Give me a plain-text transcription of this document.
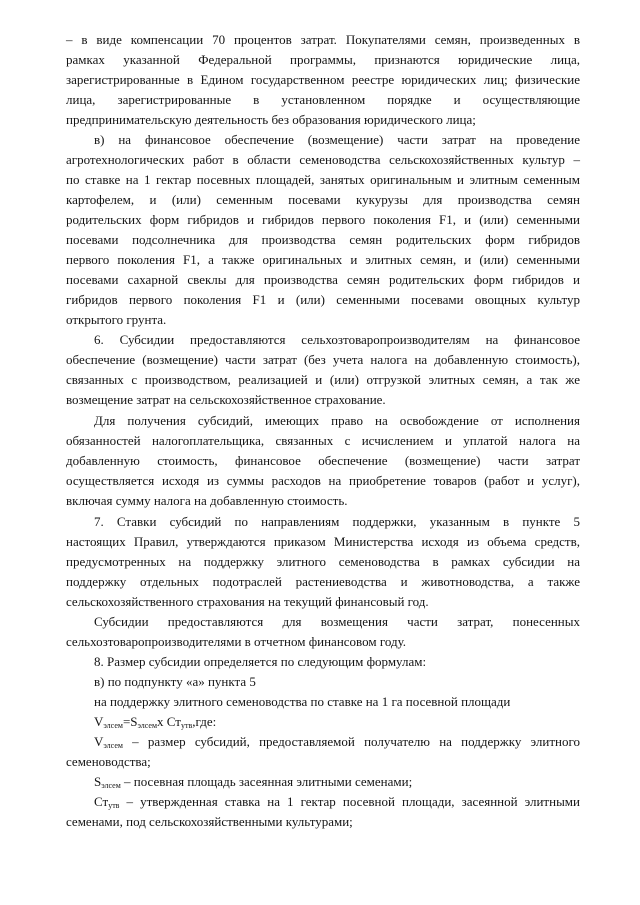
– в виде компенсации 70 процентов затрат. Покупателями семян, произведенных в

рамках указанной Федеральной программы, признаются юридические лица,

зарегистрированные в Едином государственном реестре юридических лиц; физические

лица, зарегистрированные в установленном порядке и осуществляющие

предпринимательскую деятельность без образования юридического лица;

в) на финансовое обеспечение (возмещение) части затрат на проведение

агротехнологических работ в области семеноводства сельскохозяйственных культур –

по ставке на 1 гектар посевных площадей, занятых оригинальным и элитным семенным

картофелем, и (или) семенным посевами кукурузы для производства семян

родительских форм гибридов и гибридов первого поколения F1, и (или) семенными

посевами подсолнечника для производства семян родительских форм гибридов

первого поколения F1, а также оригинальных и элитных семян, и (или) семенными

посевами сахарной свеклы для производства семян родительских форм гибридов и

гибридов первого поколения F1 и (или) семенными посевами овощных культур

открытого грунта.

6. Субсидии предоставляются сельхозтоваропроизводителям на финансовое

обеспечение (возмещение) части затрат (без учета налога на добавленную стоимость),

связанных с производством, реализацией и (или) отгрузкой элитных семян, а так же

возмещение затрат на сельскохозяйственное страхование.

Для получения субсидий, имеющих право на освобождение от исполнения

обязанностей налогоплательщика, связанных с исчислением и уплатой налога на

добавленную стоимость, финансовое обеспечение (возмещение) части затрат

осуществляется исходя из суммы расходов на приобретение товаров (работ и услуг),

включая сумму налога на добавленную стоимость.

7. Ставки субсидий по направлениям поддержки, указанным в пункте 5

настоящих Правил, утверждаются приказом Министерства исходя из объема средств,

предусмотренных на поддержку элитного семеноводства в рамках субсидии на

поддержку отдельных подотраслей растениеводства и животноводства, а также

сельскохозяйственного страхования на текущий финансовый год.

Субсидии предоставляются для возмещения части затрат, понесенных

сельхозтоваропроизводителями в отчетном финансовом году.

8. Размер субсидии определяется по следующим формулам:

в) по подпункту «а» пункта 5

на поддержку элитного семеноводства по ставке на 1 га посевной площади

$V_{элсем}=S_{элсем}x$ $Ст_{утв},где$:

$V_{элсем}$ – размер субсидий, предоставляемой получателю на поддержку элитного

семеноводства;

$S_{элсем}$ – посевная площадь засеянная элитными семенами;

$Ст_{утв}$ – утвержденная ставка на 1 гектар посевной площади, засеянной элитными

семенами, под сельскохозяйственными культурами;
